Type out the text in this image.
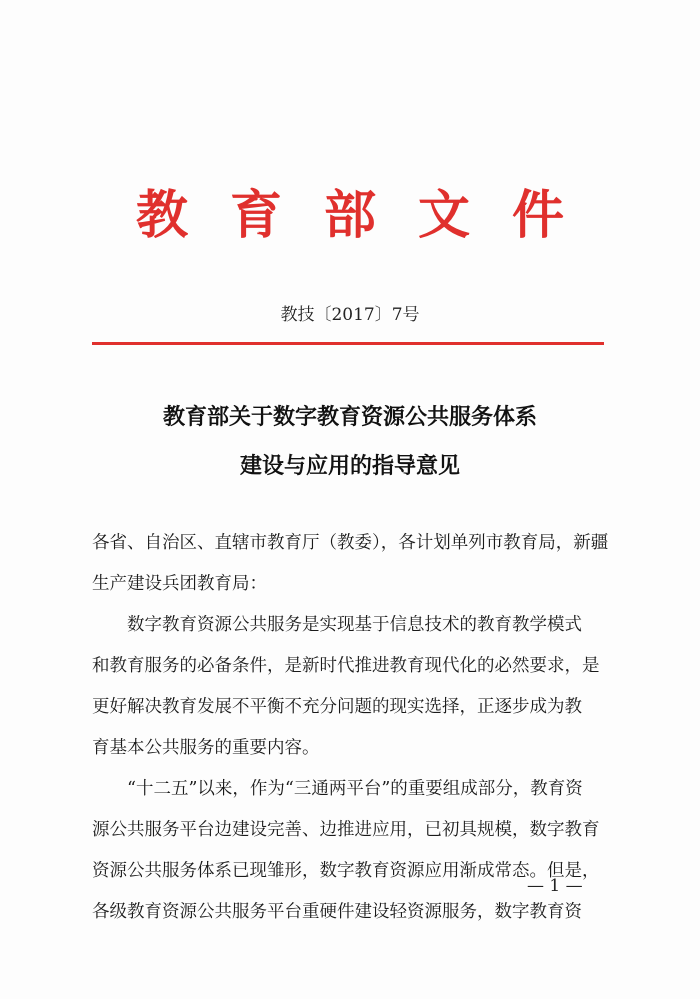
教育部文件
教技〔2017〕7号
教育部关于数字教育资源公共服务体系
建设与应用的指导意见
各省、自治区、直辖市教育厅（教委），各计划单列市教育局，新疆
生产建设兵团教育局：
数字教育资源公共服务是实现基于信息技术的教育教学模式
和教育服务的必备条件，是新时代推进教育现代化的必然要求，是
更好解决教育发展不平衡不充分问题的现实选择，正逐步成为教
育基本公共服务的重要内容。
“十二五”以来，作为“三通两平台”的重要组成部分，教育资
源公共服务平台边建设完善、边推进应用，已初具规模，数字教育
资源公共服务体系已现雏形，数字教育资源应用渐成常态。但是，
各级教育资源公共服务平台重硬件建设轻资源服务，数字教育资
— 1 —
